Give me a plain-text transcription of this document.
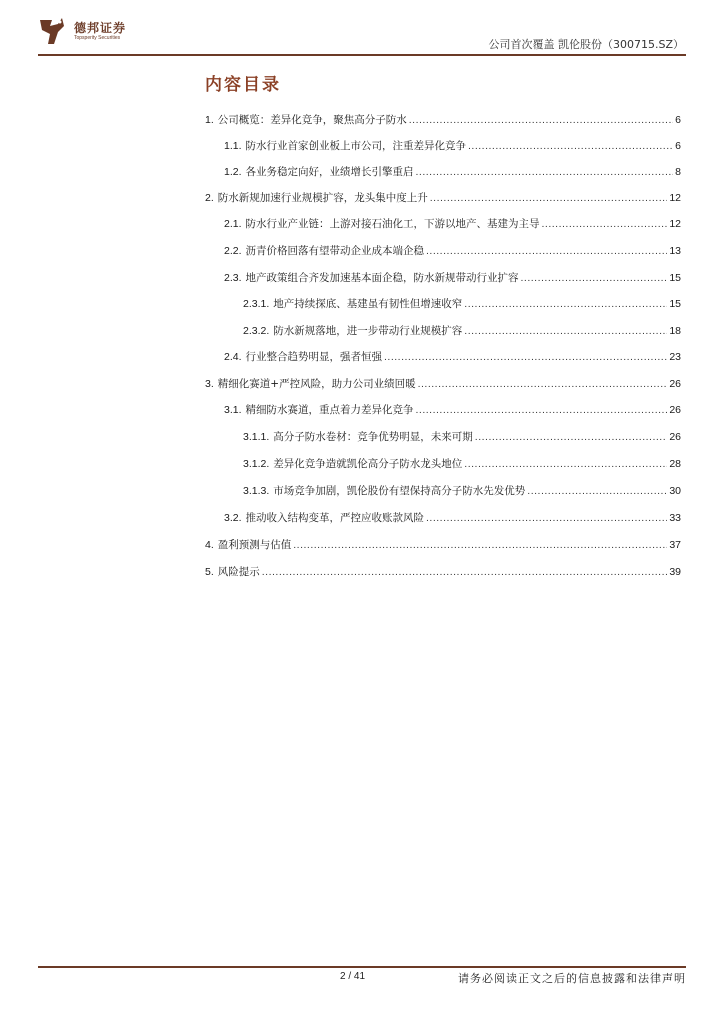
德邦证券
Topsperity Securities
公司首次覆盖 凯伦股份（300715.SZ）
内容目录
1. 公司概览：差异化竞争，聚焦高分子防水 .....	6
1.1. 防水行业首家创业板上市公司，注重差异化竞争 .....	6
1.2. 各业务稳定向好，业绩增长引擎重启 .....	8
2. 防水新规加速行业规模扩容，龙头集中度上升 .....	12
2.1. 防水行业产业链：上游对接石油化工，下游以地产、基建为主导 .....	12
2.2. 沥青价格回落有望带动企业成本端企稳 .....	13
2.3. 地产政策组合齐发加速基本面企稳，防水新规带动行业扩容 .....	15
2.3.1. 地产持续探底、基建虽有韧性但增速收窄 .....	15
2.3.2. 防水新规落地，进一步带动行业规模扩容 .....	18
2.4. 行业整合趋势明显，强者恒强 .....	23
3. 精细化赛道+严控风险，助力公司业绩回暖 .....	26
3.1. 精细防水赛道，重点着力差异化竞争 .....	26
3.1.1. 高分子防水卷材：竞争优势明显，未来可期 .....	26
3.1.2. 差异化竞争造就凯伦高分子防水龙头地位 .....	28
3.1.3. 市场竞争加剧，凯伦股份有望保持高分子防水先发优势 .....	30
3.2. 推动收入结构变革，严控应收账款风险 .....	33
4. 盈利预测与估值 .....	37
5. 风险提示 .....	39
2 / 41	请务必阅读正文之后的信息披露和法律声明
